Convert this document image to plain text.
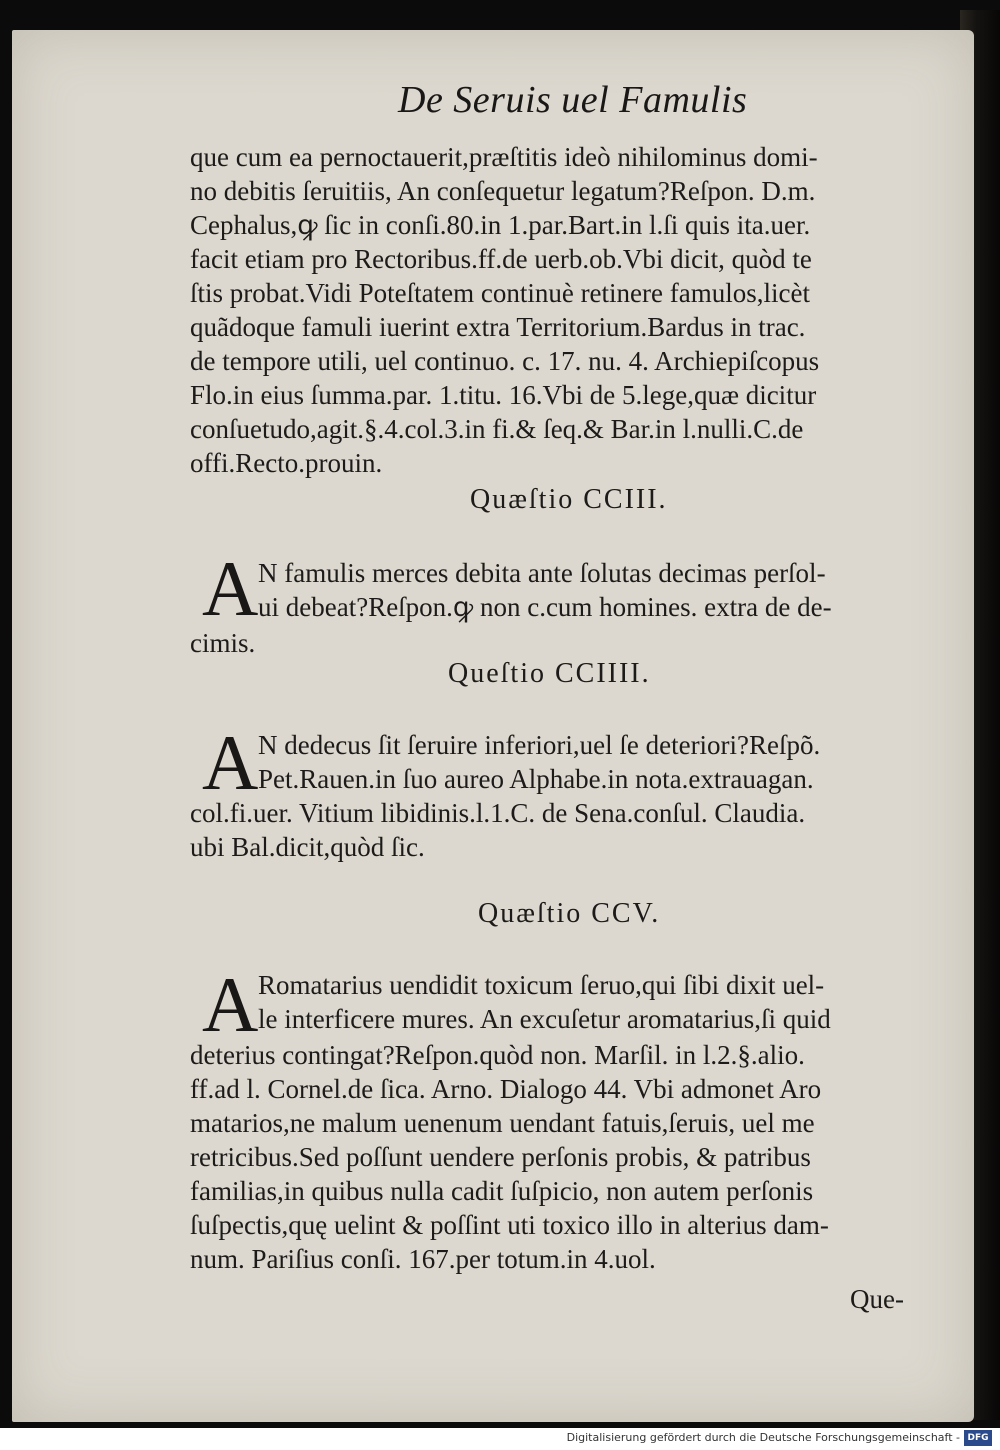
De Seruis uel Famulis
que cum ea pernoctauerit,præſtitis ideò nihilominus domi-
no debitis ſeruitiis, An conſequetur legatum?Reſpon. D.m.
Cephalus,ꝙ ſic in conſi.80.in 1.par.Bart.in l.ſi quis ita.uer.
facit etiam pro Rectoribus.ff.de uerb.ob.Vbi dicit, quòd te
ſtis probat.Vidi Poteſtatem continuè retinere famulos,licèt
quãdoque famuli iuerint extra Territorium.Bardus in trac.
de tempore utili, uel continuo. c. 17. nu. 4. Archiepiſcopus
Flo.in eius ſumma.par. 1.titu. 16.Vbi de 5.lege,quæ dicitur
conſuetudo,agit.§.4.col.3.in fi.& ſeq.& Bar.in l.nulli.C.de
offi.Recto.prouin.
Quæſtio CCIII.
A N famulis merces debita ante ſolutas decimas perſol-
ui debeat?Reſpon.ꝙ non c.cum homines. extra de de-
cimis.
Queſtio CCIIII.
A N dedecus ſit ſeruire inferiori,uel ſe deteriori?Reſpõ.
Pet.Rauen.in ſuo aureo Alphabe.in nota.extrauagan.
col.fi.uer. Vitium libidinis.l.1.C. de Sena.conſul. Claudia.
ubi Bal.dicit,quòd ſic.
Quæſtio CCV.
A Romatarius uendidit toxicum ſeruo,qui ſibi dixit uel-
le interficere mures. An excuſetur aromatarius,ſi quid
deterius contingat?Reſpon.quòd non. Marſil. in l.2.§.alio.
ff.ad l. Cornel.de ſica. Arno. Dialogo 44. Vbi admonet Aro
matarios,ne malum uenenum uendant fatuis,ſeruis, uel me
retricibus.Sed poſſunt uendere perſonis probis, & patribus
familias,in quibus nulla cadit ſuſpicio, non autem perſonis
ſuſpectis,quę uelint & poſſint uti toxico illo in alterius dam-
num. Pariſius conſi. 167.per totum.in 4.uol.
Que-
Digitalisierung gefördert durch die Deutsche Forschungsgemeinschaft - DFG
